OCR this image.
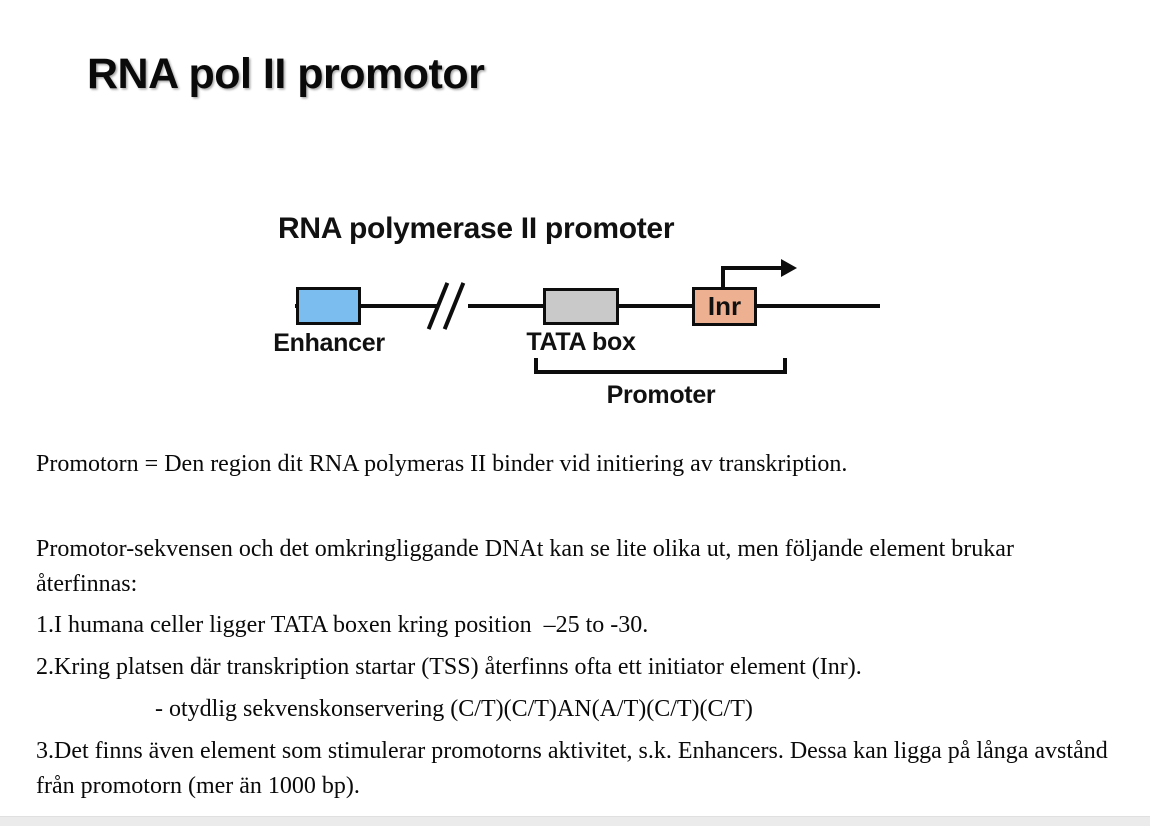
RNA pol II promotor
RNA polymerase II promoter
Inr
Enhancer	TATA box
Promoter
Promotorn = Den region dit RNA polymeras II binder vid initiering av transkription.
Promotor-sekvensen och det omkringliggande DNAt kan se lite olika ut, men följande element brukar återfinnas:
1.I humana celler ligger TATA boxen kring position  –25 to -30.
2.Kring platsen där transkription startar (TSS) återfinns ofta ett initiator element (Inr).
- otydlig sekvenskonservering (C/T)(C/T)AN(A/T)(C/T)(C/T)
3.Det finns även element som stimulerar promotorns aktivitet, s.k. Enhancers. Dessa kan ligga på långa avstånd från promotorn (mer än 1000 bp).
